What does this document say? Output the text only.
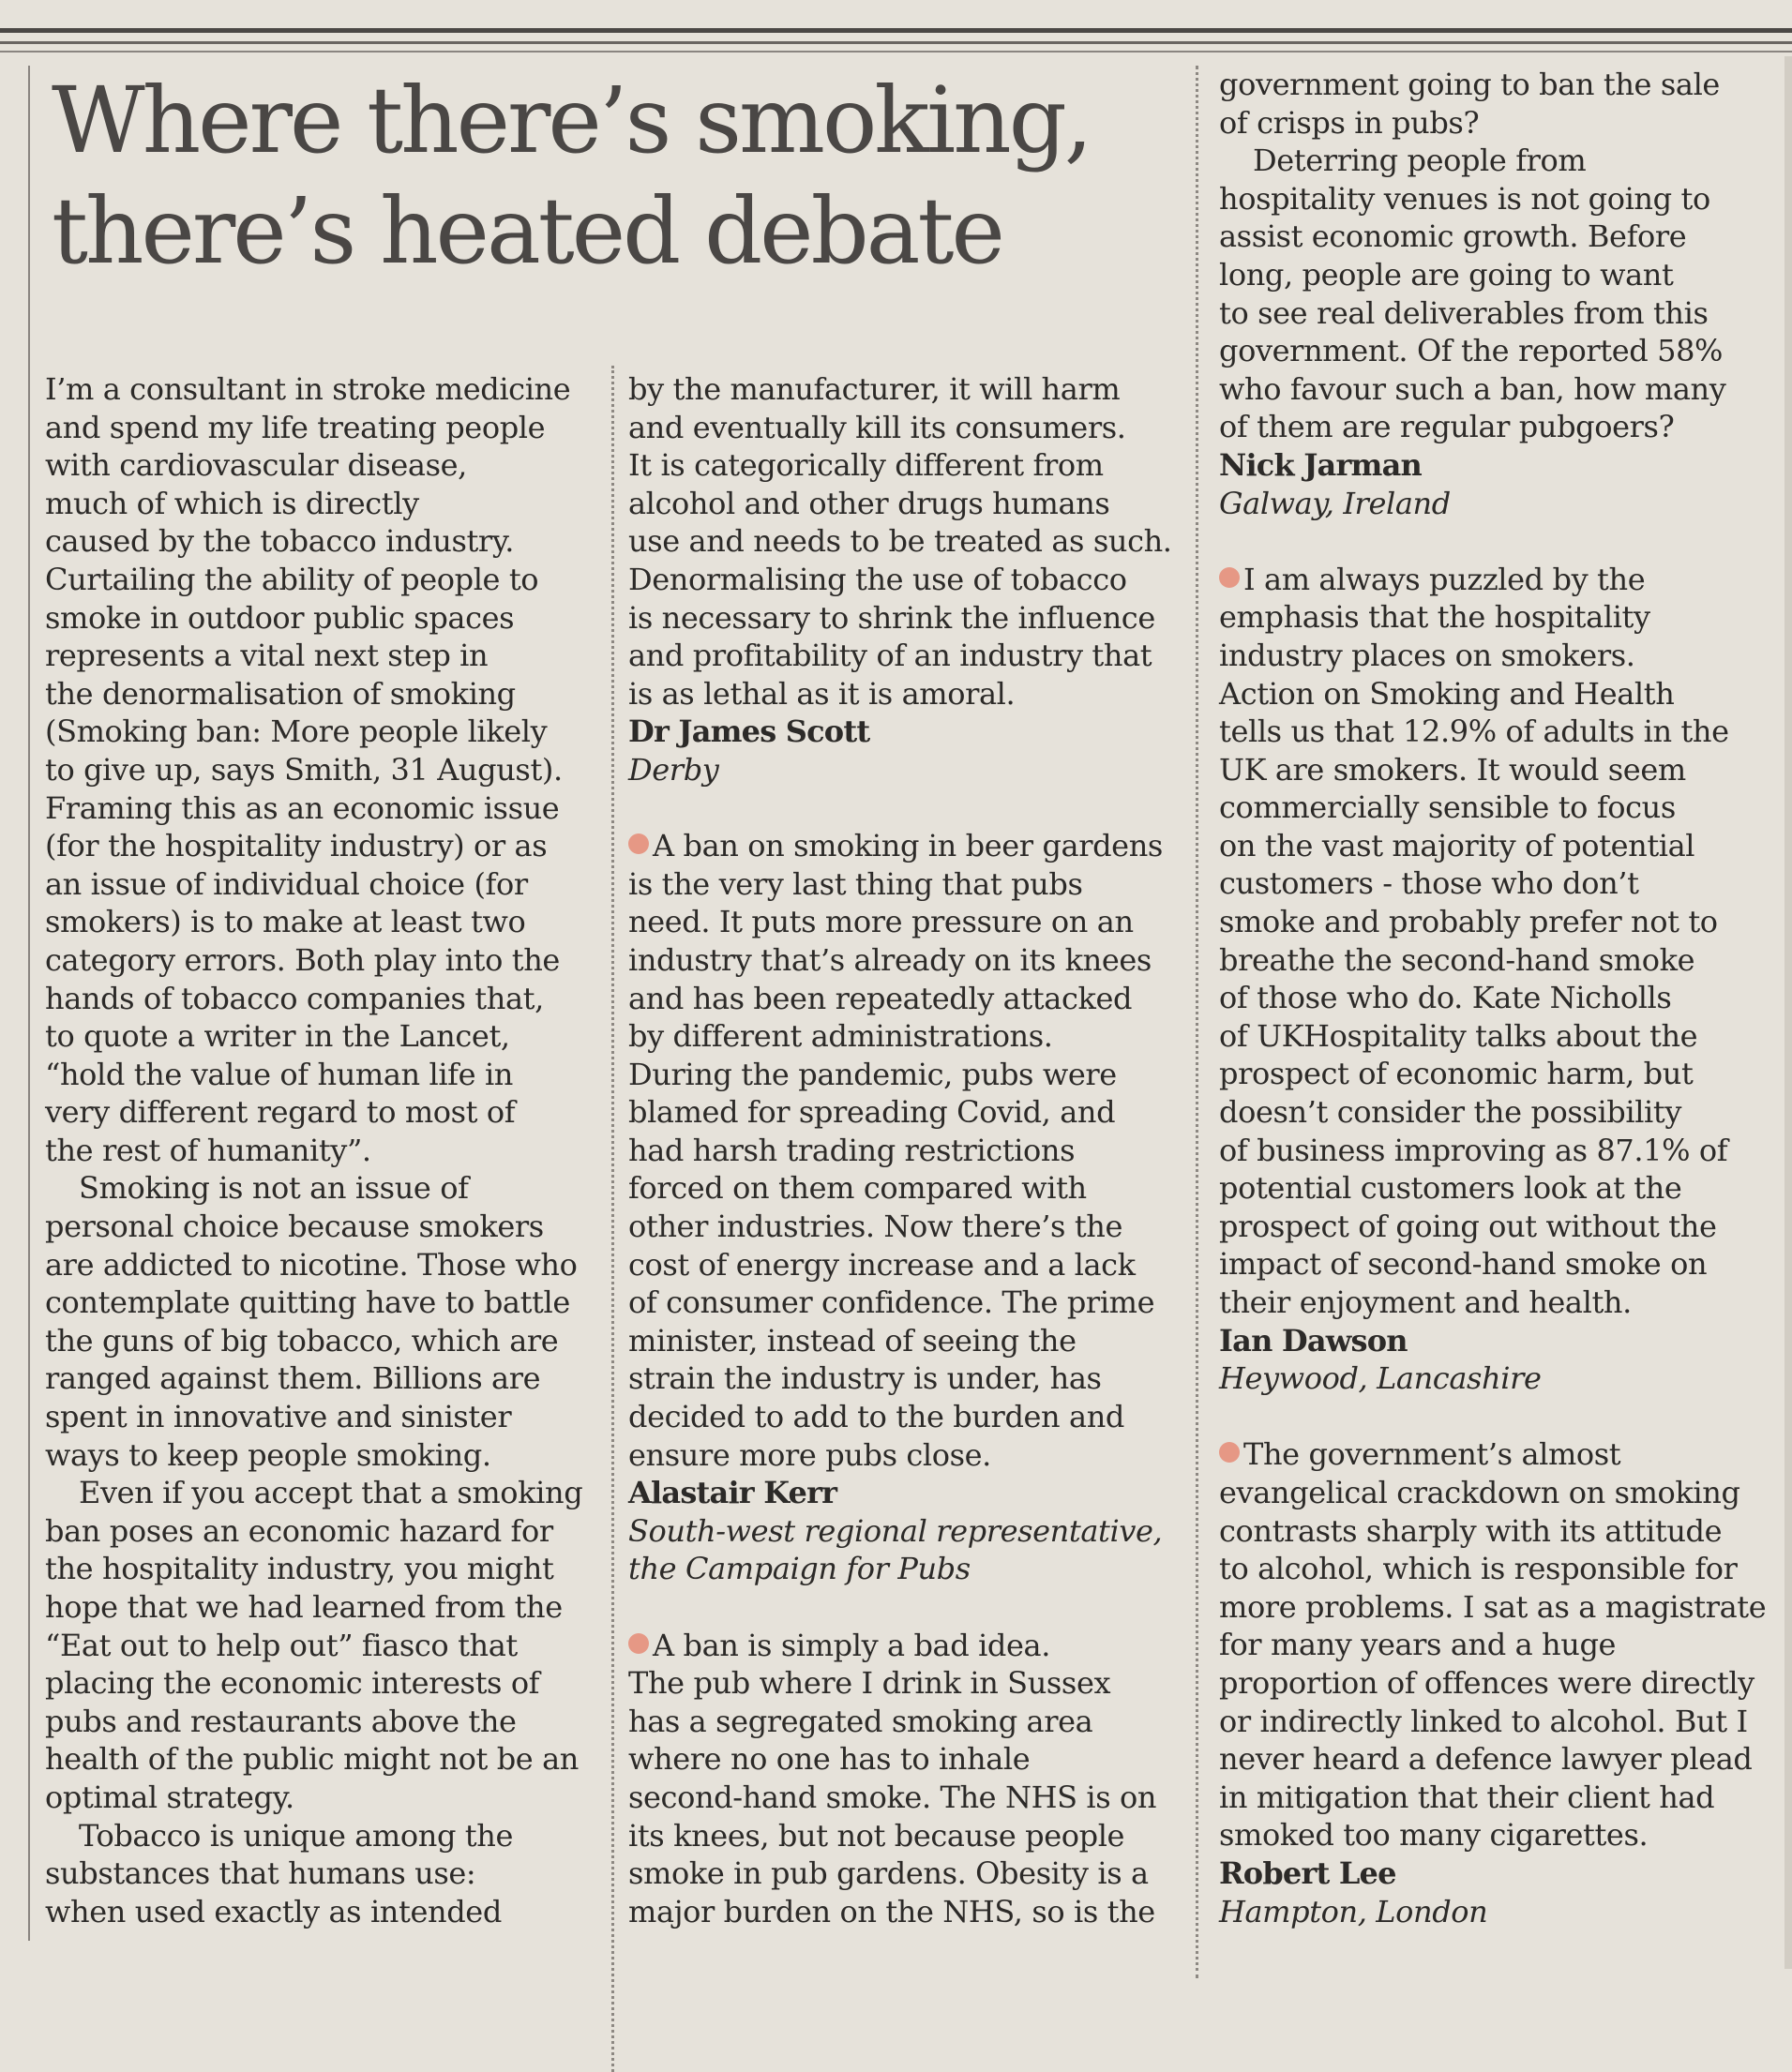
Where there’s smoking,
there’s heated debate

I’m a consultant in stroke medicine

and spend my life treating people

with cardiovascular disease,

much of which is directly

caused by the tobacco industry.

Curtailing the ability of people to

smoke in outdoor public spaces

represents a vital next step in

the denormalisation of smoking

(Smoking ban: More people likely

to give up, says Smith, 31 August).

Framing this as an economic issue

(for the hospitality industry) or as

an issue of individual choice (for

smokers) is to make at least two

category errors. Both play into the

hands of tobacco companies that,

to quote a writer in the Lancet,

“hold the value of human life in

very different regard to most of

the rest of humanity”.

Smoking is not an issue of

personal choice because smokers

are addicted to nicotine. Those who

contemplate quitting have to battle

the guns of big tobacco, which are

ranged against them. Billions are

spent in innovative and sinister

ways to keep people smoking.

Even if you accept that a smoking

ban poses an economic hazard for

the hospitality industry, you might

hope that we had learned from the

“Eat out to help out” fiasco that

placing the economic interests of

pubs and restaurants above the

health of the public might not be an

optimal strategy.

Tobacco is unique among the

substances that humans use:

when used exactly as intended

by the manufacturer, it will harm

and eventually kill its consumers.

It is categorically different from

alcohol and other drugs humans

use and needs to be treated as such.

Denormalising the use of tobacco

is necessary to shrink the influence

and profitability of an industry that

is as lethal as it is amoral.

Dr James Scott

Derby

A ban on smoking in beer gardens

is the very last thing that pubs

need. It puts more pressure on an

industry that’s already on its knees

and has been repeatedly attacked

by different administrations.

During the pandemic, pubs were

blamed for spreading Covid, and

had harsh trading restrictions

forced on them compared with

other industries. Now there’s the

cost of energy increase and a lack

of consumer confidence. The prime

minister, instead of seeing the

strain the industry is under, has

decided to add to the burden and

ensure more pubs close.

Alastair Kerr

South-west regional representative,

the Campaign for Pubs

A ban is simply a bad idea.

The pub where I drink in Sussex

has a segregated smoking area

where no one has to inhale

second-hand smoke. The NHS is on

its knees, but not because people

smoke in pub gardens. Obesity is a

major burden on the NHS, so is the

government going to ban the sale

of crisps in pubs?

Deterring people from

hospitality venues is not going to

assist economic growth. Before

long, people are going to want

to see real deliverables from this

government. Of the reported 58%

who favour such a ban, how many

of them are regular pubgoers?

Nick Jarman

Galway, Ireland

I am always puzzled by the

emphasis that the hospitality

industry places on smokers.

Action on Smoking and Health

tells us that 12.9% of adults in the

UK are smokers. It would seem

commercially sensible to focus

on the vast majority of potential

customers - those who don’t

smoke and probably prefer not to

breathe the second-hand smoke

of those who do. Kate Nicholls

of UKHospitality talks about the

prospect of economic harm, but

doesn’t consider the possibility

of business improving as 87.1% of

potential customers look at the

prospect of going out without the

impact of second-hand smoke on

their enjoyment and health.

Ian Dawson

Heywood, Lancashire

The government’s almost

evangelical crackdown on smoking

contrasts sharply with its attitude

to alcohol, which is responsible for

more problems. I sat as a magistrate

for many years and a huge

proportion of offences were directly

or indirectly linked to alcohol. But I

never heard a defence lawyer plead

in mitigation that their client had

smoked too many cigarettes.

Robert Lee

Hampton, London
